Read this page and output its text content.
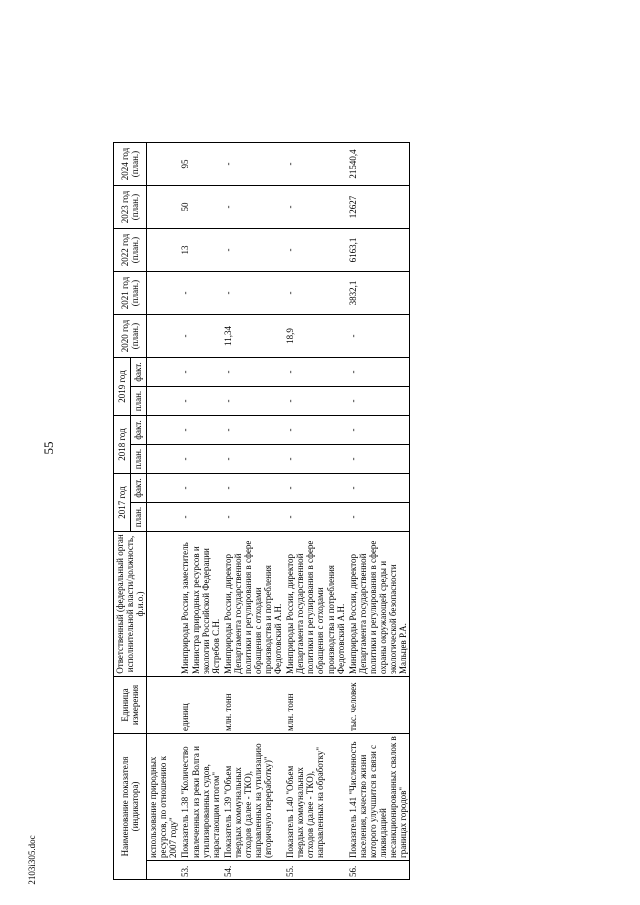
55
2103i305.doc
Наименование показателя (индикатора)		Единица измерения	Ответственный (федеральный орган исполнительной власти/должность, ф.и.о.)	2017 год		2018 год		2019 год		2020 год (план.)	2021 год (план.)	2022 год (план.)	2023 год (план.)	2024 год (план.)
				план.	факт.	план.	факт.	план.	факт.					
	использование природных ресурсов, по отношению к 2007 году"													
53.	Показатель 1.38 "Количество извлеченных из реки Волга и утилизированных судов, нарастающим итогом"	единиц	Минприроды России, заместитель Министра природных ресурсов и экологии Российской Федерации Ястребов С.Н.	-	-	-	-	-	-	-	-	13	50	95
54.	Показатель 1.39 "Объем твердых коммунальных отходов (далее - ТКО), направленных на утилизацию (вторичную переработку)"	млн. тонн	Минприроды России, директор Департамента государственной политики и регулирования в сфере обращения с отходами производства и потребления Федотовский А.Н.	-	-	-	-	-	-	11,34	-	-	-	-
55.	Показатель 1.40 "Объем твердых коммунальных отходов (далее - ТКО), направленных на обработку"	млн. тонн	Минприроды России, директор Департамента государственной политики и регулирования в сфере обращения с отходами производства и потребления Федотовский А.Н.	-	-	-	-	-	-	18,9	-	-	-	-
56.	Показатель 1.41 "Численность населения, качество жизни которого улучшится в связи с ликвидацией несанкционированных свалок в границах городов"	тыс. человек	Минприроды России, директор Департамента государственной политики и регулирования в сфере охраны окружающей среды и экологической безопасности Мальцев Р.А.	-	-	-	-	-	-	-	3832,1	6163,1	12627	21540,4
